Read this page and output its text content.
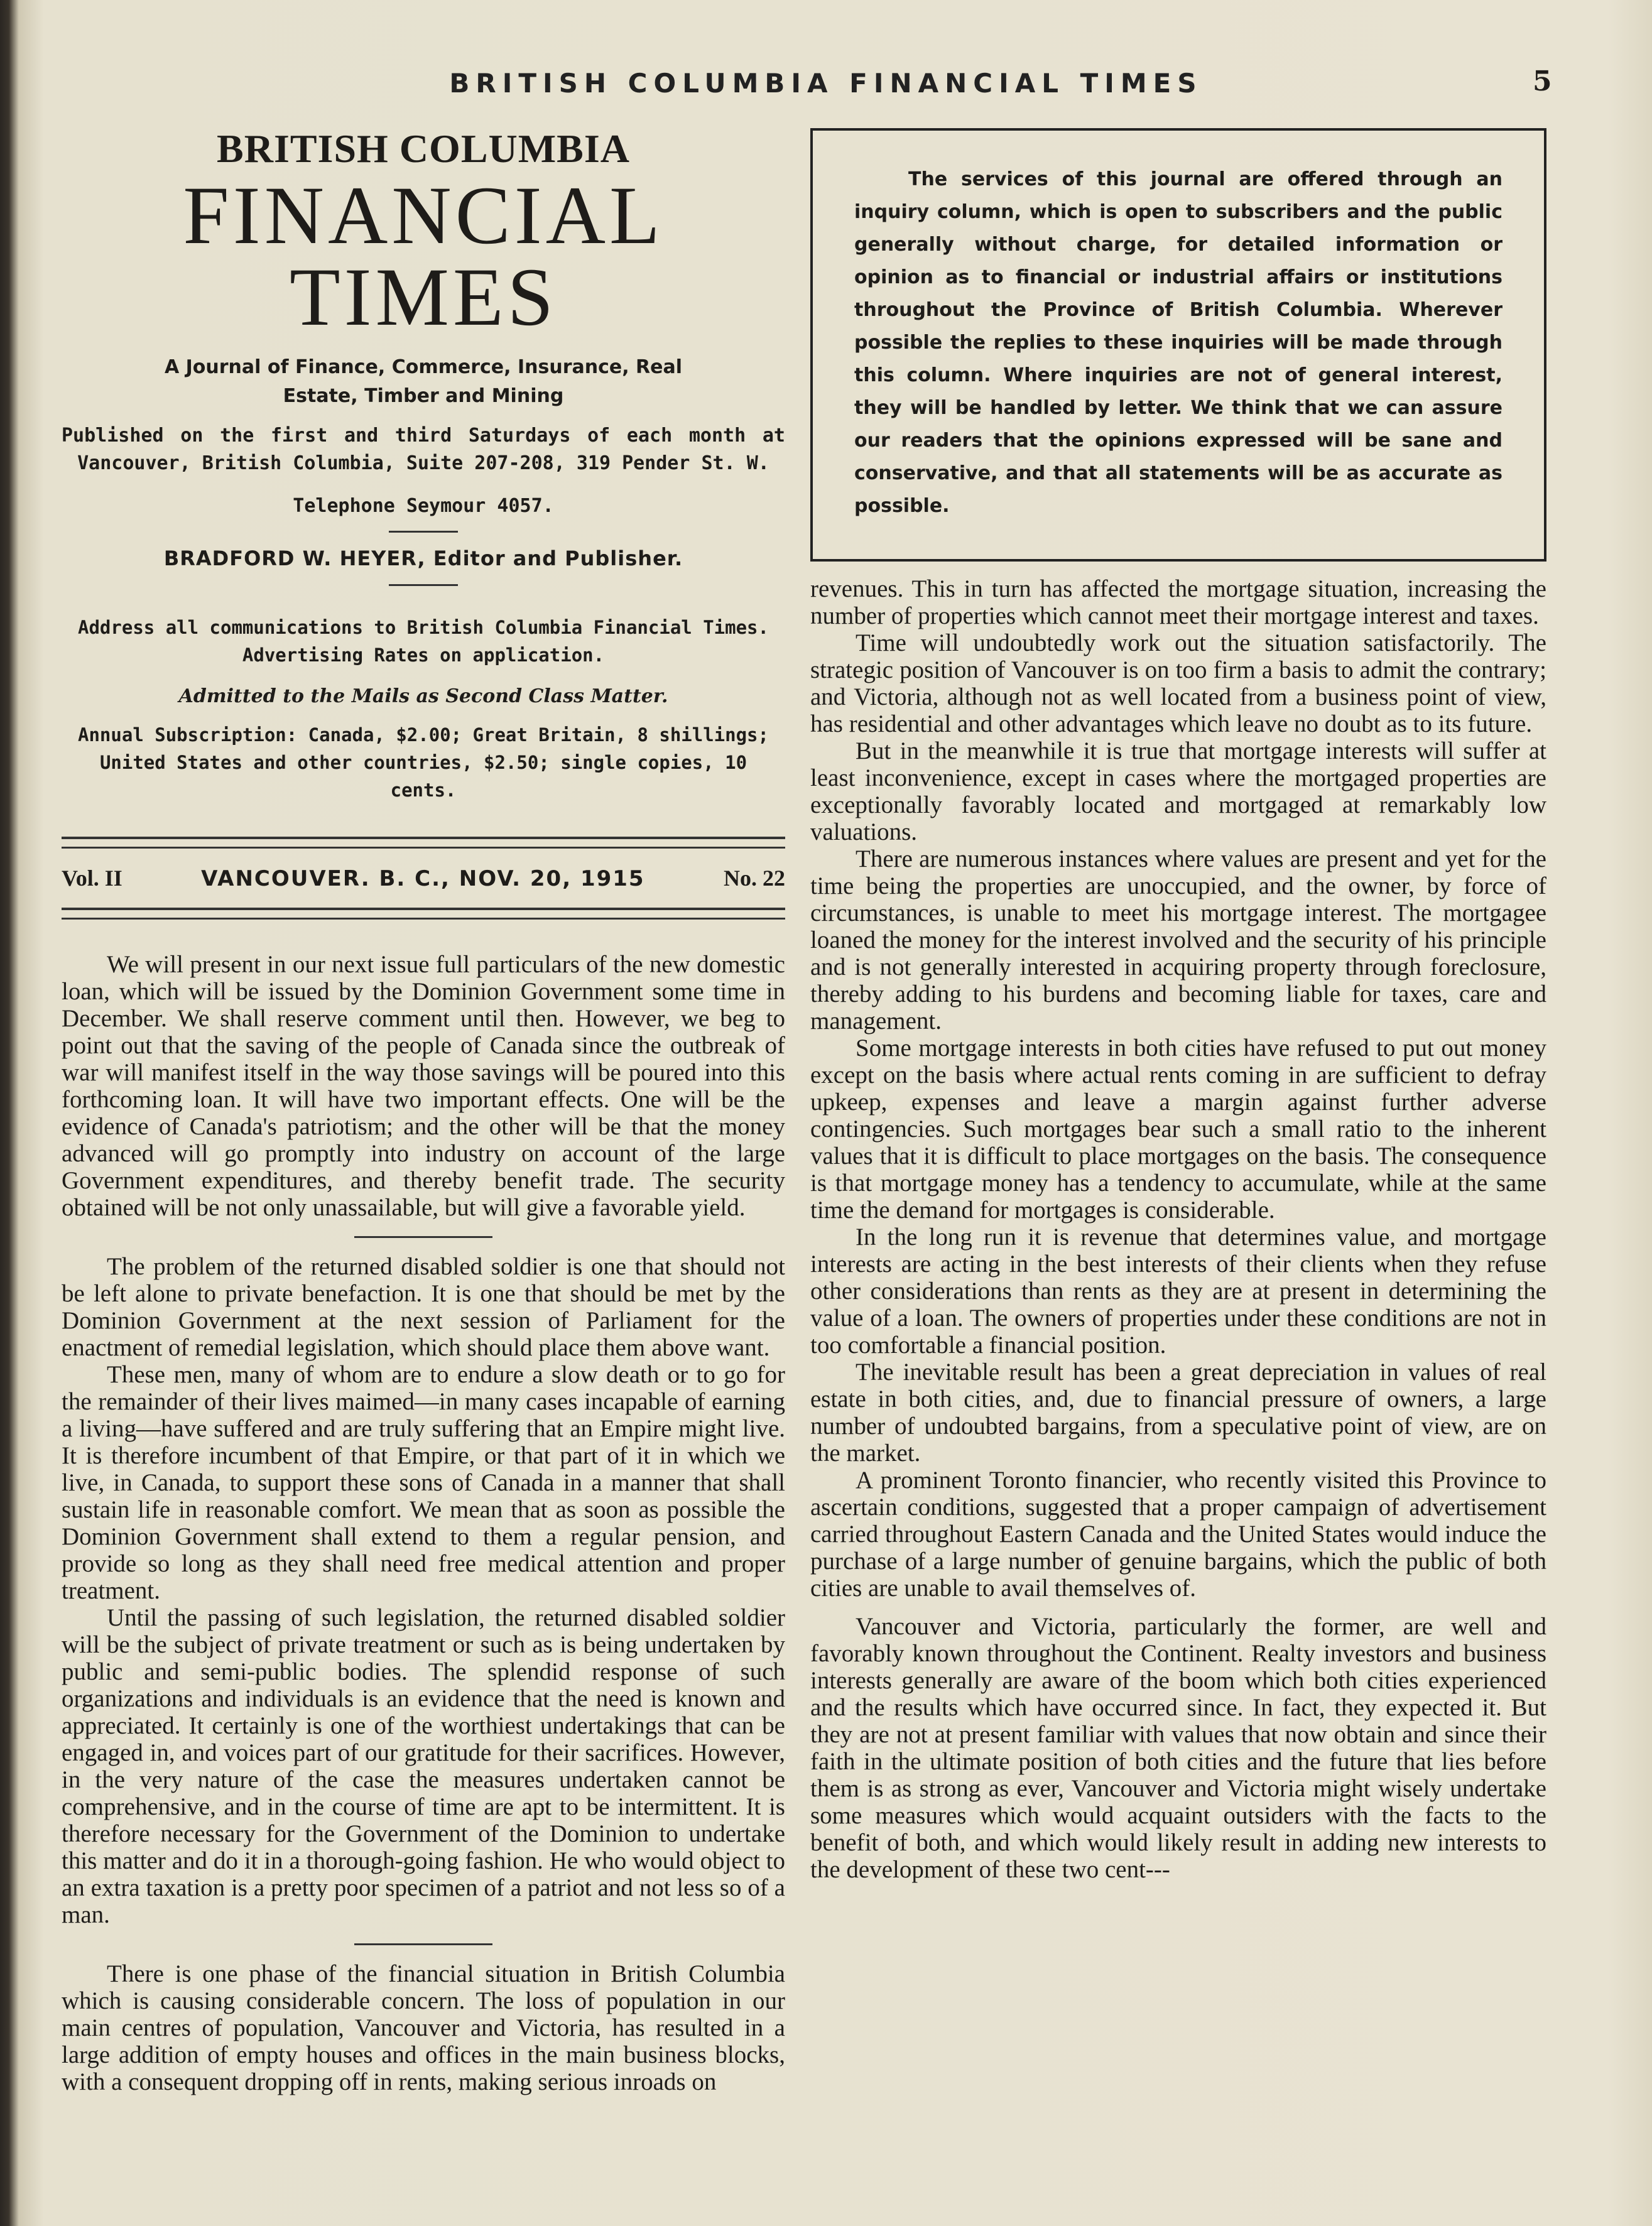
BRITISH COLUMBIA FINANCIAL TIMES	5
BRITISH COLUMBIA
FINANCIAL TIMES
A Journal of Finance, Commerce, Insurance, Real
Estate, Timber and Mining
Published on the first and third Saturdays of each month at
Vancouver, British Columbia, Suite 207-208, 319 Pender St. W.
Telephone Seymour 4057.
BRADFORD W. HEYER, Editor and Publisher.
Address all communications to British Columbia Financial Times.
Advertising Rates on application.
Admitted to the Mails as Second Class Matter.
Annual Subscription: Canada, $2.00; Great Britain, 8 shillings;
United States and other countries, $2.50; single copies, 10 cents.
Vol. II	VANCOUVER. B. C., NOV. 20, 1915	No. 22

We will present in our next issue full particulars of the new domestic loan, which will be issued by the Dominion Government some time in December. We shall reserve comment until then. However, we beg to point out that the saving of the people of Canada since the outbreak of war will manifest itself in the way those savings will be poured into this forthcoming loan. It will have two important effects. One will be the evidence of Canada's patriotism; and the other will be that the money advanced will go promptly into industry on account of the large Government expenditures, and thereby benefit trade. The security obtained will be not only unassailable, but will give a favorable yield.

The problem of the returned disabled soldier is one that should not be left alone to private benefaction. It is one that should be met by the Dominion Government at the next session of Parliament for the enactment of remedial legislation, which should place them above want.

These men, many of whom are to endure a slow death or to go for the remainder of their lives maimed—in many cases incapable of earning a living—have suffered and are truly suffering that an Empire might live. It is therefore incumbent of that Empire, or that part of it in which we live, in Canada, to support these sons of Canada in a manner that shall sustain life in reasonable comfort. We mean that as soon as possible the Dominion Government shall extend to them a regular pension, and provide so long as they shall need free medical attention and proper treatment.

Until the passing of such legislation, the returned disabled soldier will be the subject of private treatment or such as is being undertaken by public and semi-public bodies. The splendid response of such organizations and individuals is an evidence that the need is known and appreciated. It certainly is one of the worthiest undertakings that can be engaged in, and voices part of our gratitude for their sacrifices. However, in the very nature of the case the measures undertaken cannot be comprehensive, and in the course of time are apt to be intermittent. It is therefore necessary for the Government of the Dominion to undertake this matter and do it in a thorough-going fashion. He who would object to an extra taxation is a pretty poor specimen of a patriot and not less so of a man.

There is one phase of the financial situation in British Columbia which is causing considerable concern. The loss of population in our main centres of population, Vancouver and Victoria, has resulted in a large addition of empty houses and offices in the main business blocks, with a consequent dropping off in rents, making serious inroads on

The services of this journal are offered through an inquiry column, which is open to subscribers and the public generally without charge, for detailed information or opinion as to financial or industrial affairs or institutions throughout the Province of British Columbia. Wherever possible the replies to these inquiries will be made through this column. Where inquiries are not of general interest, they will be handled by letter. We think that we can assure our readers that the opinions expressed will be sane and conservative, and that all statements will be as accurate as possible.

revenues. This in turn has affected the mortgage situation, increasing the number of properties which cannot meet their mortgage interest and taxes.

Time will undoubtedly work out the situation satisfactorily. The strategic position of Vancouver is on too firm a basis to admit the contrary; and Victoria, although not as well located from a business point of view, has residential and other advantages which leave no doubt as to its future.

But in the meanwhile it is true that mortgage interests will suffer at least inconvenience, except in cases where the mortgaged properties are exceptionally favorably located and mortgaged at remarkably low valuations.

There are numerous instances where values are present and yet for the time being the properties are unoccupied, and the owner, by force of circumstances, is unable to meet his mortgage interest. The mortgagee loaned the money for the interest involved and the security of his principle and is not generally interested in acquiring property through foreclosure, thereby adding to his burdens and becoming liable for taxes, care and management.

Some mortgage interests in both cities have refused to put out money except on the basis where actual rents coming in are sufficient to defray upkeep, expenses and leave a margin against further adverse contingencies. Such mortgages bear such a small ratio to the inherent values that it is difficult to place mortgages on the basis. The consequence is that mortgage money has a tendency to accumulate, while at the same time the demand for mortgages is considerable.

In the long run it is revenue that determines value, and mortgage interests are acting in the best interests of their clients when they refuse other considerations than rents as they are at present in determining the value of a loan. The owners of properties under these conditions are not in too comfortable a financial position.

The inevitable result has been a great depreciation in values of real estate in both cities, and, due to financial pressure of owners, a large number of undoubted bargains, from a speculative point of view, are on the market.

A prominent Toronto financier, who recently visited this Province to ascertain conditions, suggested that a proper campaign of advertisement carried throughout Eastern Canada and the United States would induce the purchase of a large number of genuine bargains, which the public of both cities are unable to avail themselves of.

Vancouver and Victoria, particularly the former, are well and favorably known throughout the Continent. Realty investors and business interests generally are aware of the boom which both cities experienced and the results which have occurred since. In fact, they expected it. But they are not at present familiar with values that now obtain and since their faith in the ultimate position of both cities and the future that lies before them is as strong as ever, Vancouver and Victoria might wisely undertake some measures which would acquaint outsiders with the facts to the benefit of both, and which would likely result in adding new interests to the development of these two cent---
